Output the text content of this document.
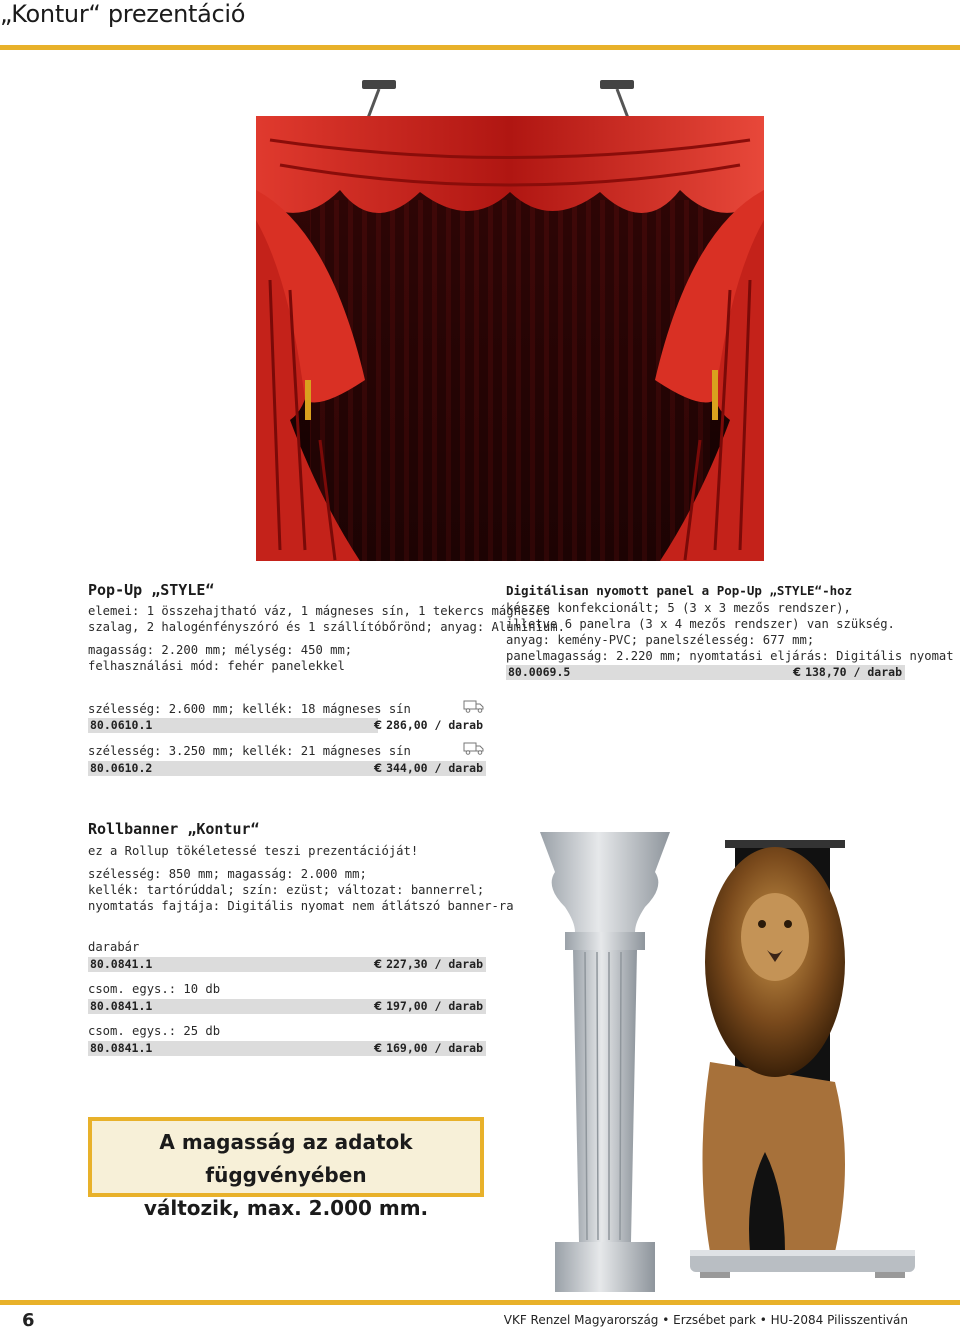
„Kontur“ prezentáció
Pop-Up „STYLE“
elemei: 1 összehajtható váz, 1 mágneses sín, 1 tekercs mágneses
szalag, 2 halogénfényszóró és 1 szállítóbőrönd; anyag: Alumínium.
magasság: 2.200 mm; mélység: 450 mm;
felhasználási mód: fehér panelekkel
szélesség: 2.600 mm; kellék: 18 mágneses sín
80.0610.1	€ 286,00 / darab
szélesség: 3.250 mm; kellék: 21 mágneses sín
80.0610.2	€ 344,00 / darab
Digitálisan nyomott panel a Pop-Up „STYLE“-hoz
készre konfekcionált; 5 (3 x 3 mezős rendszer),
illetve 6 panelra (3 x 4 mezős rendszer) van szükség.
anyag: kemény-PVC; panelszélesség: 677 mm;
panelmagasság: 2.220 mm; nyomtatási eljárás: Digitális nyomat
80.0069.5	€ 138,70 / darab
Rollbanner „Kontur“
ez a Rollup tökéletessé teszi prezentációját!
szélesség: 850 mm; magasság: 2.000 mm;
kellék: tartórúddal; szín: ezüst; változat: bannerrel;
nyomtatás fajtája: Digitális nyomat nem átlátszó banner-ra
darabár
80.0841.1	€ 227,30 / darab
csom. egys.: 10 db
80.0841.1	€ 197,00 / darab
csom. egys.: 25 db
80.0841.1	€ 169,00 / darab
A magasság az adatok függvényében
változik, max. 2.000 mm.
6	VKF Renzel Magyarország • Erzsébet park • HU-2084 Pilisszentiván
